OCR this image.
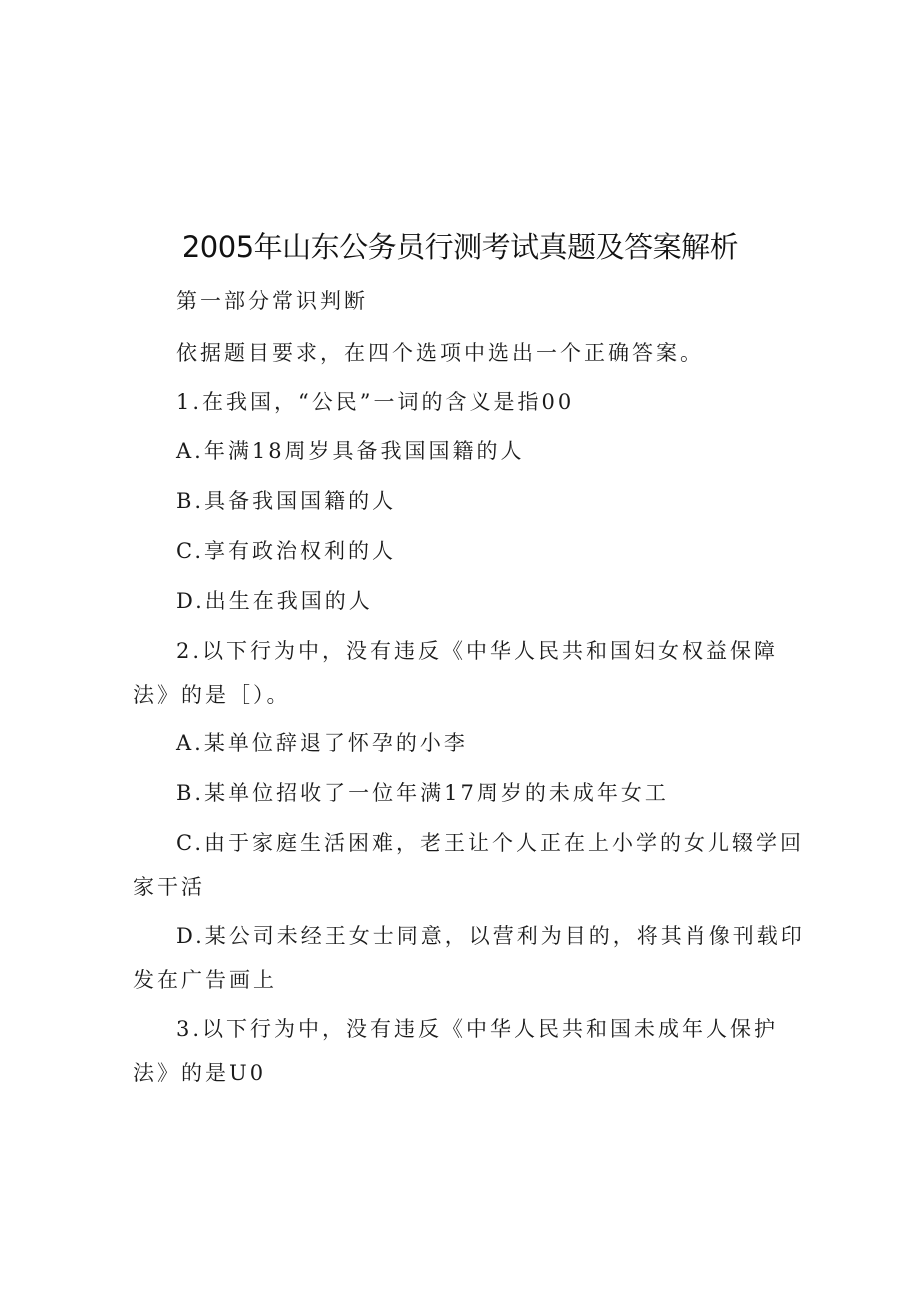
2005年山东公务员行测考试真题及答案解析
第一部分常识判断
依据题目要求，在四个选项中选出一个正确答案。
1.在我国，“公民”一词的含义是指00
A.年满18周岁具备我国国籍的人
B.具备我国国籍的人
C.享有政治权利的人
D.出生在我国的人
2.以下行为中，没有违反《中华人民共和国妇女权益保障
法》的是［）。
A.某单位辞退了怀孕的小李
B.某单位招收了一位年满17周岁的未成年女工
C.由于家庭生活困难，老王让个人正在上小学的女儿辍学回
家干活
D.某公司未经王女士同意，以营利为目的，将其肖像刊载印
发在广告画上
3.以下行为中，没有违反《中华人民共和国未成年人保护
法》的是U0
